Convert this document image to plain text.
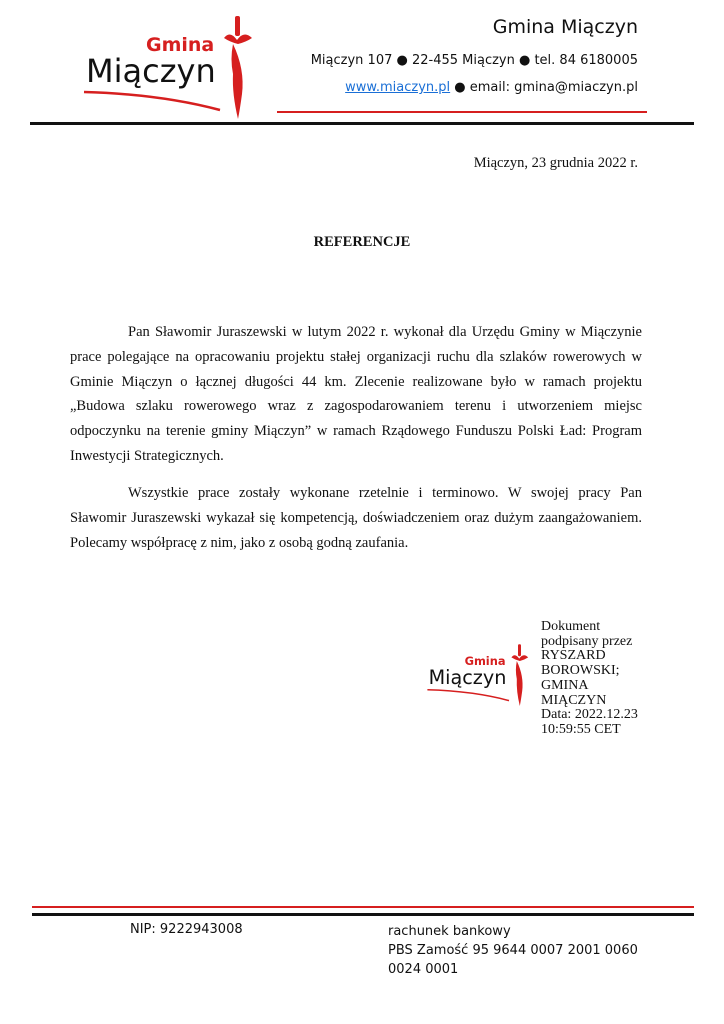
Gmina
Miączyn
Gmina Miączyn
Miączyn 107 ● 22-455 Miączyn ● tel. 84 6180005
www.miaczyn.pl ● email: gmina@miaczyn.pl
Miączyn, 23 grudnia 2022 r.
REFERENCJE

Pan Sławomir Juraszewski w lutym 2022 r. wykonał dla Urzędu Gminy w Miączynie prace polegające na opracowaniu projektu stałej organizacji ruchu dla szlaków rowerowych w Gminie Miączyn o łącznej długości 44 km. Zlecenie realizowane było w ramach projektu „Budowa szlaku rowerowego wraz z zagospodarowaniem terenu i utworzeniem miejsc odpoczynku na terenie gminy Miączyn” w ramach Rządowego Funduszu Polski Ład: Program Inwestycji Strategicznych.

Wszystkie prace zostały wykonane rzetelnie i terminowo. W swojej pracy Pan Sławomir Juraszewski wykazał się kompetencją, doświadczeniem oraz dużym zaangażowaniem. Polecamy współpracę z nim, jako z osobą godną zaufania.

Gmina
Miączyn
Dokument
podpisany przez
RYSZARD
BOROWSKI;
GMINA
MIĄCZYN
Data: 2022.12.23
10:59:55 CET
NIP: 9222943008	rachunek bankowy
PBS Zamość 95 9644 0007 2001 0060
0024 0001
